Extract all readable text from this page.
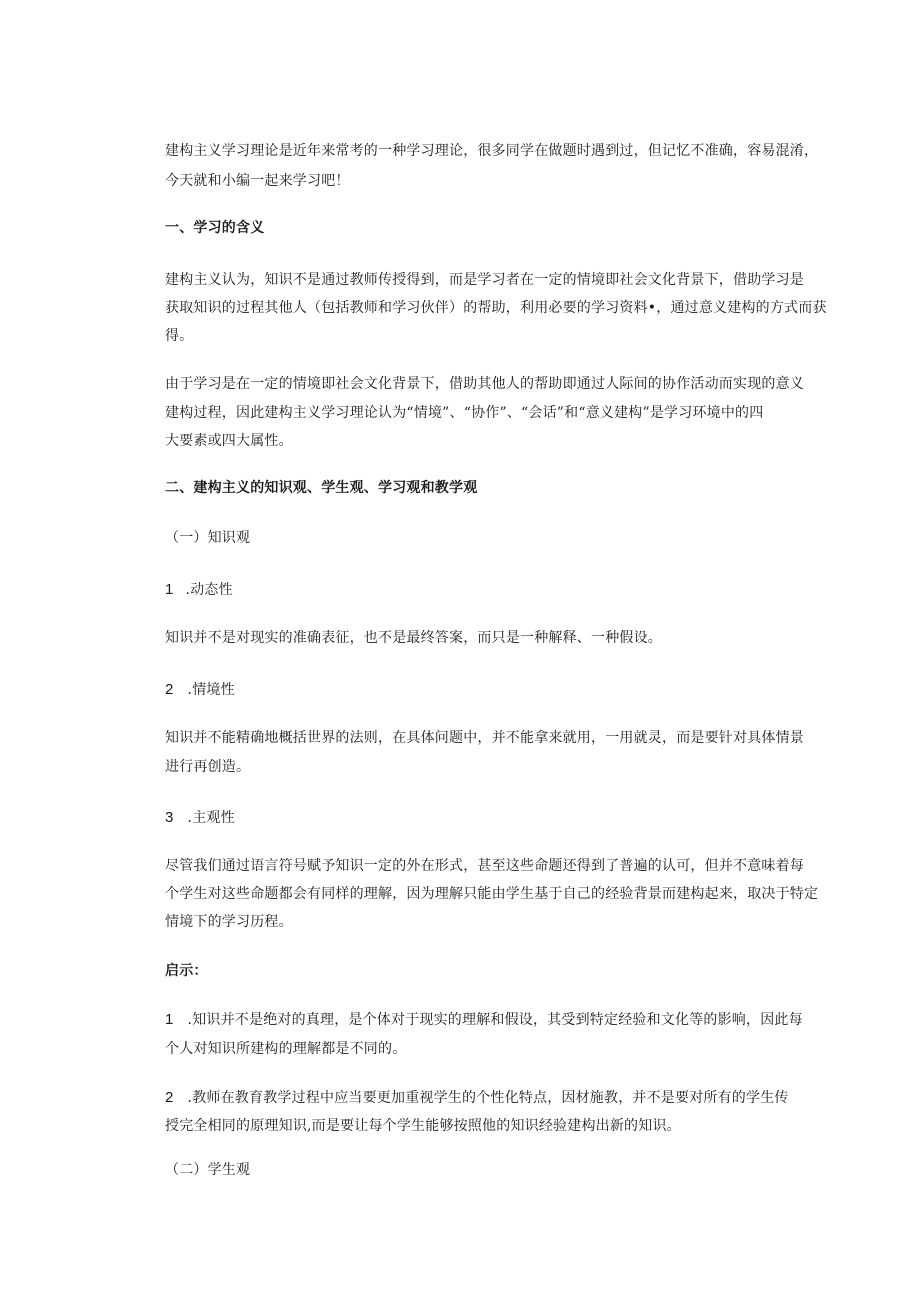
建构主义学习理论是近年来常考的一种学习理论，很多同学在做题时遇到过，但记忆不准确，容易混淆，
今天就和小编一起来学习吧！
一、学习的含义
建构主义认为，知识不是通过教师传授得到，而是学习者在一定的情境即社会文化背景下，借助学习是
获取知识的过程其他人（包括教师和学习伙伴）的帮助，利用必要的学习资料•，通过意义建构的方式而获
得。
由于学习是在一定的情境即社会文化背景下，借助其他人的帮助即通过人际间的协作活动而实现的意义
建构过程，因此建构主义学习理论认为“情境”、“协作”、“会话”和“意义建构”是学习环境中的四
大要素或四大属性。
二、建构主义的知识观、学生观、学习观和教学观
（一）知识观
1 .动态性
知识并不是对现实的准确表征，也不是最终答案，而只是一种解释、一种假设。
2 .情境性
知识并不能精确地概括世界的法则，在具体问题中，并不能拿来就用，一用就灵，而是要针对具体情景
进行再创造。
3 .主观性
尽管我们通过语言符号赋予知识一定的外在形式，甚至这些命题还得到了普遍的认可，但并不意味着每
个学生对这些命题都会有同样的理解，因为理解只能由学生基于自己的经验背景而建构起来，取决于特定
情境下的学习历程。
启示：
1 .知识并不是绝对的真理，是个体对于现实的理解和假设，其受到特定经验和文化等的影响，因此每
个人对知识所建构的理解都是不同的。
2 .教师在教育教学过程中应当要更加重视学生的个性化特点，因材施教，并不是要对所有的学生传
授完全相同的原理知识,而是要让每个学生能够按照他的知识经验建构出新的知识。
（二）学生观
